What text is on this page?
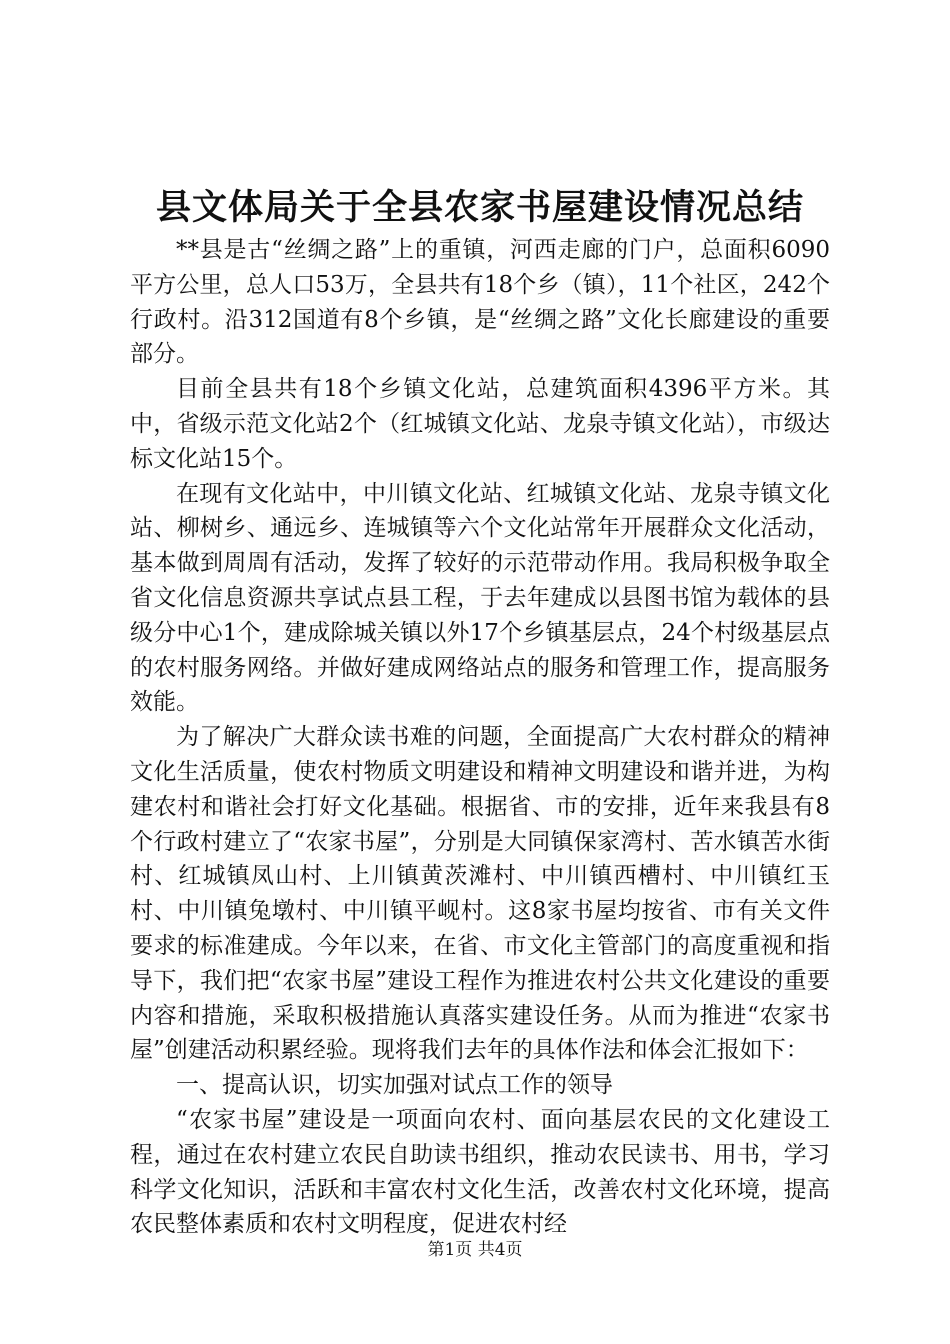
县文体局关于全县农家书屋建设情况总结

**县是古“丝绸之路”上的重镇，河西走廊的门户，总面积6090平方公里，总人口53万，全县共有18个乡（镇），11个社区，242个行政村。沿312国道有8个乡镇，是“丝绸之路”文化长廊建设的重要部分。

目前全县共有18个乡镇文化站，总建筑面积4396平方米。其中，省级示范文化站2个（红城镇文化站、龙泉寺镇文化站），市级达标文化站15个。

在现有文化站中，中川镇文化站、红城镇文化站、龙泉寺镇文化站、柳树乡、通远乡、连城镇等六个文化站常年开展群众文化活动，基本做到周周有活动，发挥了较好的示范带动作用。我局积极争取全省文化信息资源共享试点县工程，于去年建成以县图书馆为载体的县级分中心1个，建成除城关镇以外17个乡镇基层点，24个村级基层点的农村服务网络。并做好建成网络站点的服务和管理工作，提高服务效能。

为了解决广大群众读书难的问题，全面提高广大农村群众的精神文化生活质量，使农村物质文明建设和精神文明建设和谐并进，为构建农村和谐社会打好文化基础。根据省、市的安排，近年来我县有8个行政村建立了“农家书屋”，分别是大同镇保家湾村、苦水镇苦水街村、红城镇凤山村、上川镇黄茨滩村、中川镇西槽村、中川镇红玉村、中川镇兔墩村、中川镇平岘村。这8家书屋均按省、市有关文件要求的标准建成。今年以来，在省、市文化主管部门的高度重视和指导下，我们把“农家书屋”建设工程作为推进农村公共文化建设的重要内容和措施，采取积极措施认真落实建设任务。从而为推进“农家书屋”创建活动积累经验。现将我们去年的具体作法和体会汇报如下：

一、提高认识，切实加强对试点工作的领导

“农家书屋”建设是一项面向农村、面向基层农民的文化建设工程，通过在农村建立农民自助读书组织，推动农民读书、用书，学习科学文化知识，活跃和丰富农村文化生活，改善农村文化环境，提高农民整体素质和农村文明程度，促进农村经

第1页 共4页
